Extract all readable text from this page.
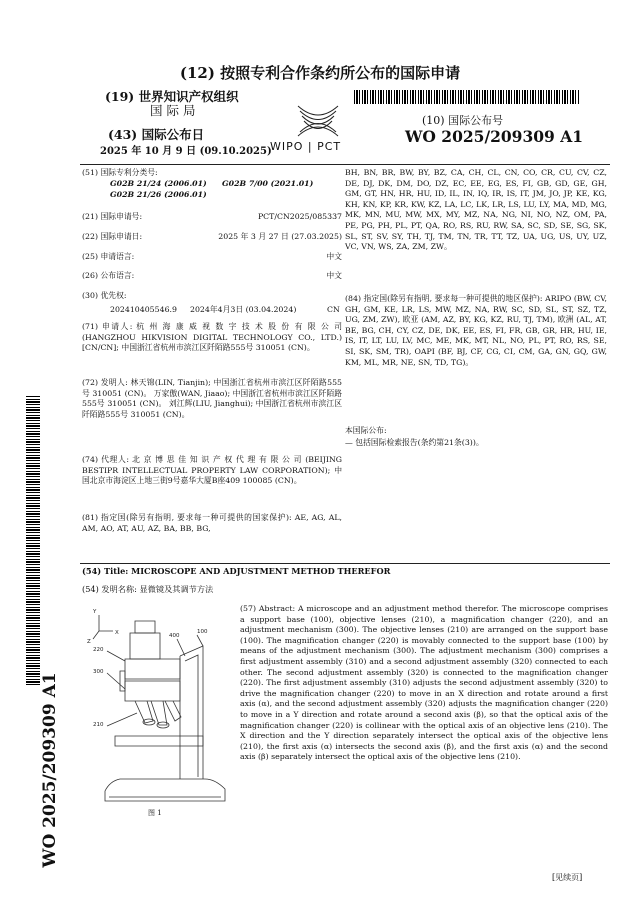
(12) 按照专利合作条约所公布的国际申请
(19) 世界知识产权组织
国 际 局
(43) 国际公布日
2025 年 10 月 9 日 (09.10.2025)
WIPO | PCT
(10) 国际公布号
WO 2025/209309 A1
WO 2025/209309 A1
(51) 国际专利分类号:
G02B 21/24 (2006.01) G02B 7/00 (2021.01)
G02B 21/26 (2006.01)
(21) 国际申请号:	PCT/CN2025/085337
(22) 国际申请日:	2025 年 3 月 27 日 (27.03.2025)
(25) 申请语言:	中文
(26) 公布语言:	中文
(30) 优先权:
202410405546.9 2024年4月3日 (03.04.2024)	CN
(71) 申请人: 杭 州 海 康 威 视 数 字 技 术 股 份 有 限 公 司 (HANGZHOU HIKVISION DIGITAL TECHNOLOGY CO., LTD.) [CN/CN]; 中国浙江省杭州市滨江区阡陌路555号 310051 (CN)。
(72) 发明人: 林天锦(LIN, Tianjin); 中国浙江省杭州市滨江区阡陌路555号 310051 (CN)。 万家傲(WAN, Jiaao); 中国浙江省杭州市滨江区阡陌路555号 310051 (CN)。 刘江辉(LIU, Jianghui); 中国浙江省杭州市滨江区阡陌路555号 310051 (CN)。
(74) 代理人: 北 京 博 思 佳 知 识 产 权 代 理 有 限 公 司 (BEIJING BESTIPR INTELLECTUAL PROPERTY LAW CORPORATION); 中国北京市海淀区上地三街9号嘉华大厦B座409 100085 (CN)。
(81) 指定国(除另有指明, 要求每一种可提供的国家保护): AE, AG, AL, AM, AO, AT, AU, AZ, BA, BB, BG,
BH, BN, BR, BW, BY, BZ, CA, CH, CL, CN, CO, CR, CU, CV, CZ, DE, DJ, DK, DM, DO, DZ, EC, EE, EG, ES, FI, GB, GD, GE, GH, GM, GT, HN, HR, HU, ID, IL, IN, IQ, IR, IS, IT, JM, JO, JP, KE, KG, KH, KN, KP, KR, KW, KZ, LA, LC, LK, LR, LS, LU, LY, MA, MD, MG, MK, MN, MU, MW, MX, MY, MZ, NA, NG, NI, NO, NZ, OM, PA, PE, PG, PH, PL, PT, QA, RO, RS, RU, RW, SA, SC, SD, SE, SG, SK, SL, ST, SV, SY, TH, TJ, TM, TN, TR, TT, TZ, UA, UG, US, UY, UZ, VC, VN, WS, ZA, ZM, ZW。
(84) 指定国(除另有指明, 要求每一种可提供的地区保护): ARIPO (BW, CV, GH, GM, KE, LR, LS, MW, MZ, NA, RW, SC, SD, SL, ST, SZ, TZ, UG, ZM, ZW), 欧亚 (AM, AZ, BY, KG, KZ, RU, TJ, TM), 欧洲 (AL, AT, BE, BG, CH, CY, CZ, DE, DK, EE, ES, FI, FR, GB, GR, HR, HU, IE, IS, IT, LT, LU, LV, MC, ME, MK, MT, NL, NO, PL, PT, RO, RS, SE, SI, SK, SM, TR), OAPI (BF, BJ, CF, CG, CI, CM, GA, GN, GQ, GW, KM, ML, MR, NE, SN, TD, TG)。
本国际公布:
— 包括国际检索报告(条约第21条(3))。
(54) Title: MICROSCOPE AND ADJUSTMENT METHOD THEREFOR
(54) 发明名称: 显微镜及其调节方法
Y
X
Z
220
300
210
400
100
图 1
(57) Abstract: A microscope and an adjustment method therefor. The microscope comprises a support base (100), objective lenses (210), a magnification changer (220), and an adjustment mechanism (300). The objective lenses (210) are arranged on the support base (100). The magnification changer (220) is movably connected to the support base (100) by means of the adjustment mechanism (300). The adjustment mechanism (300) comprises a first adjustment assembly (310) and a second adjustment assembly (320) connected to each other. The second adjustment assembly (320) is connected to the magnification changer (220). The first adjustment assembly (310) adjusts the second adjustment assembly (320) to drive the magnification changer (220) to move in an X direction and rotate around a first axis (α), and the second adjustment assembly (320) adjusts the magnification changer (220) to move in a Y direction and rotate around a second axis (β), so that the optical axis of the magnification changer (220) is collinear with the optical axis of an objective lens (210). The X direction and the Y direction separately intersect the optical axis of the objective lens (210), the first axis (α) intersects the second axis (β), and the first axis (α) and the second axis (β) separately intersect the optical axis of the objective lens (210).
[见续页]
